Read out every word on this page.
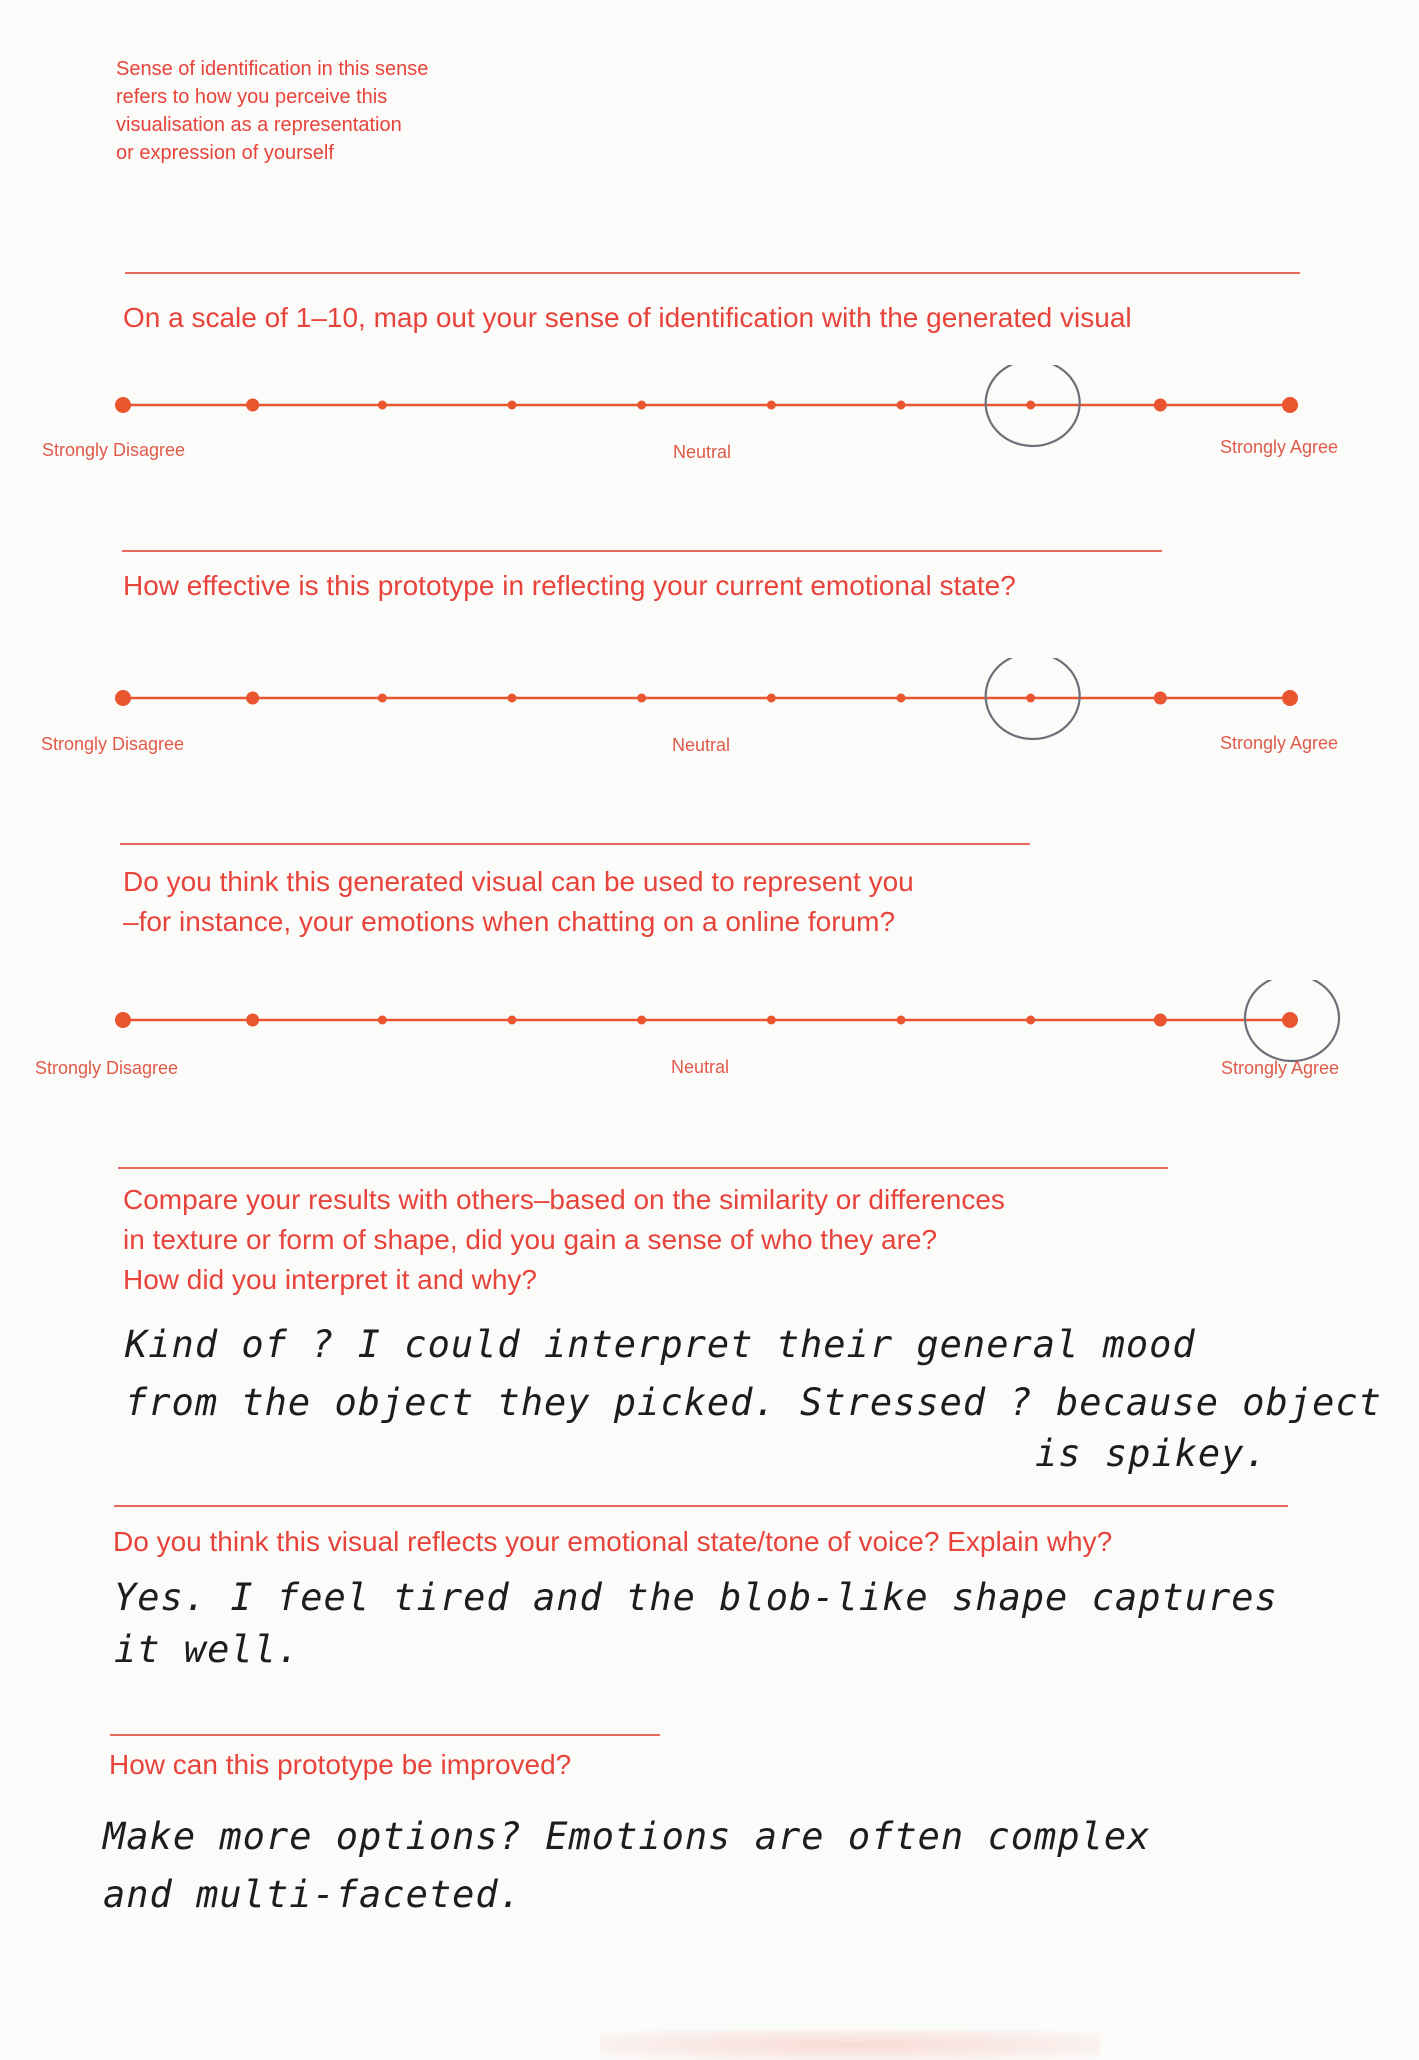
Sense of identification in this sense
refers to how you perceive this
visualisation as a representation
or expression of yourself
On a scale of 1–10, map out your sense of identification with the generated visual
Strongly Disagree	Neutral	Strongly Agree
How effective is this prototype in reflecting your current emotional state?
Strongly Disagree	Neutral	Strongly Agree
Do you think this generated visual can be used to represent you
–for instance, your emotions when chatting on a online forum?
Strongly Disagree	Neutral	Strongly Agree
Compare your results with others–based on the similarity or differences
in texture or form of shape, did you gain a sense of who they are?
How did you interpret it and why?
Kind of ? I could interpret their general mood
from the object they picked. Stressed ? because object
is spikey.
Do you think this visual reflects your emotional state/tone of voice? Explain why?
Yes. I feel tired and the blob-like shape captures
it well.
How can this prototype be improved?
Make more options? Emotions are often complex
and multi-faceted.
